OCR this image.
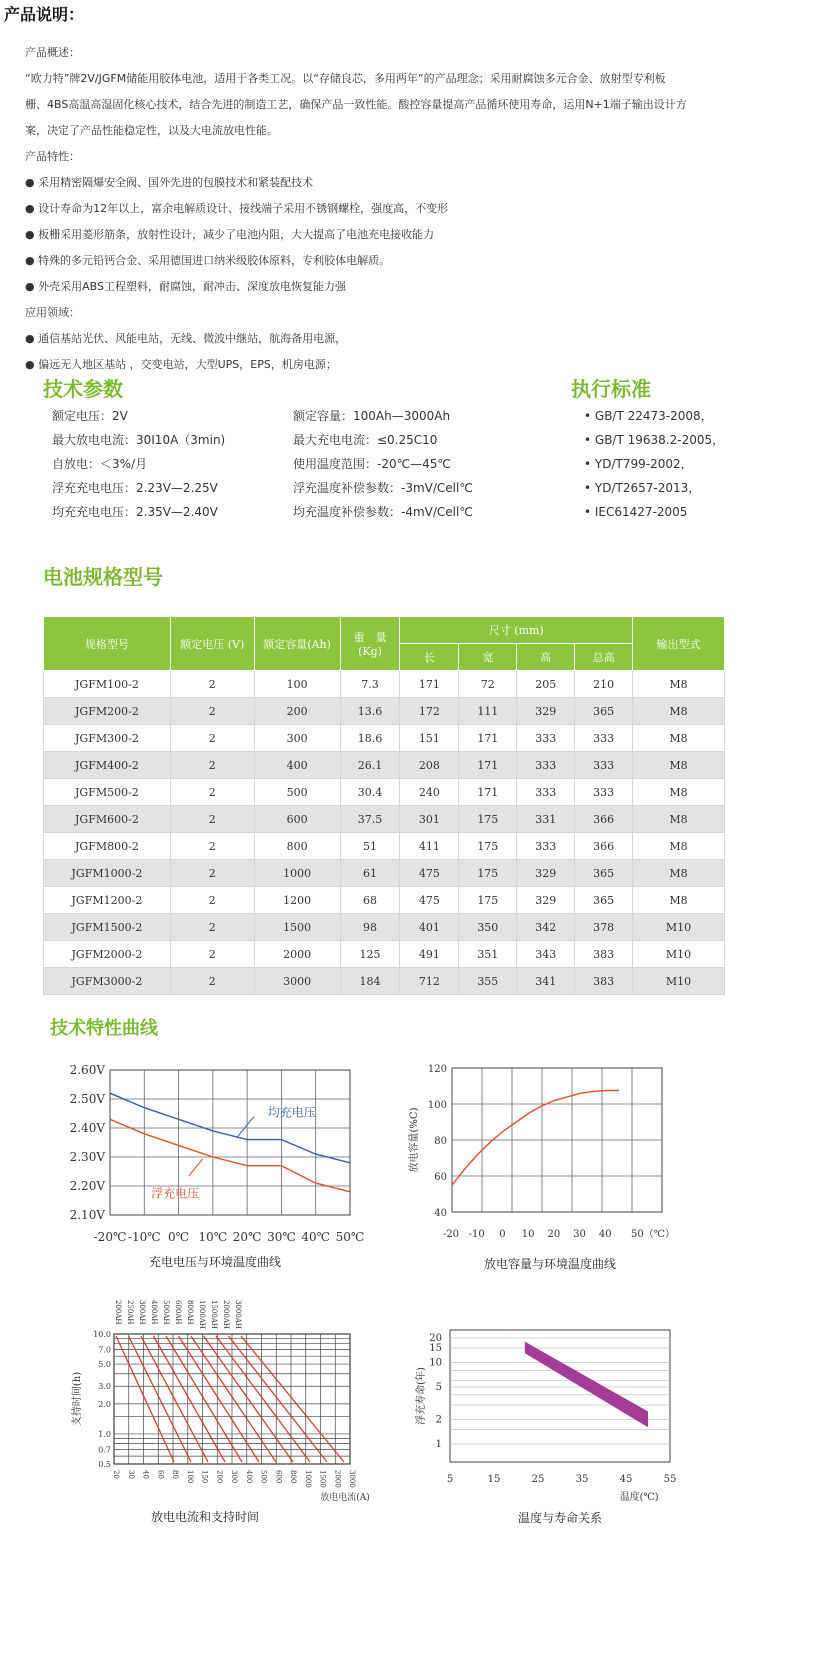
产品说明：

产品概述：

“欧力特”牌2V/JGFM储能用胶体电池，适用于各类工况。以“存储良芯，多用两年”的产品理念；采用耐腐蚀多元合金、放射型专利板

栅、4BS高温高湿固化核心技术，结合先进的制造工艺，确保产品一致性能。酸控容量提高产品循环使用寿命，运用N+1端子输出设计方

案，决定了产品性能稳定性，以及大电流放电性能。

产品特性：

● 采用精密隔爆安全阀、国外先进的包膜技术和紧装配技术

● 设计寿命为12年以上，富余电解质设计、接线端子采用不锈钢螺栓，强度高，不变形

● 板栅采用菱形筋条，放射性设计，减少了电池内阻，大大提高了电池充电接收能力

● 特殊的多元铅钙合金、采用德国进口纳米级胶体原料，专利胶体电解质。

● 外壳采用ABS工程塑料，耐腐蚀，耐冲击、深度放电恢复能力强

应用领域：

● 通信基站光伏、风能电站，无线、微波中继站，航海备用电源，

● 偏远无人地区基站 ，交变电站，大型UPS，EPS，机房电源；

技术参数

额定电压：2V

最大放电电流：30I10A（3min)

自放电：＜3%/月

浮充充电电压：2.23V—2.25V

均充充电电压：2.35V—2.40V

额定容量：100Ah—3000Ah

最大充电电流：≤0.25C10

使用温度范围：-20℃—45℃

浮充温度补偿参数：-3mV/Cell℃

均充温度补偿参数：-4mV/Cell℃

执行标准

• GB/T 22473-2008，

• GB/T 19638.2-2005，

• YD/T799-2002，

• YD/T2657-2013，

• IEC61427-2005

电池规格型号
规格型号	额定电压 (V)	额定容量(Ah)	重　量
(Kg)	尺寸 (mm)				输出型式
				长	宽	高	总高	
JGFM100-2	2	100	7.3	171	72	205	210	M8
JGFM200-2	2	200	13.6	172	111	329	365	M8
JGFM300-2	2	300	18.6	151	171	333	333	M8
JGFM400-2	2	400	26.1	208	171	333	333	M8
JGFM500-2	2	500	30.4	240	171	333	333	M8
JGFM600-2	2	600	37.5	301	175	331	366	M8
JGFM800-2	2	800	51	411	175	333	366	M8
JGFM1000-2	2	1000	61	475	175	329	365	M8
JGFM1200-2	2	1200	68	475	175	329	365	M8
JGFM1500-2	2	1500	98	401	350	342	378	M10
JGFM2000-2	2	2000	125	491	351	343	383	M10
JGFM3000-2	2	3000	184	712	355	341	383	M10
技术特性曲线
2.60V
2.50V
2.40V
2.30V
2.20V
2.10V
-20℃ -10℃ 0℃ 10℃ 20℃ 30℃ 40℃ 50℃
均充电压
浮充电压
充电电压与环境温度曲线
120
100
80
60
40
-20 -10 0 10 20 30 40 50（℃）
放电容量(%C)
放电容量与环境温度曲线
20 30 40 60 80 100 150 200 300 400 500 600 800 1000 1500 2000 3000
10.0
7.0
5.0
3.0
2.0
1.0
0.7
0.5
支持时间(h)
放电电流(A)
200AH 250AH 300AH 400AH 500AH 600AH 800AH 1000AH 1500AH 2000AH 3000AH
放电电流和支持时间
20
15
10
5
2
1
5	15	25	35	45	55
浮充寿命(年)
温度(℃)
温度与寿命关系
